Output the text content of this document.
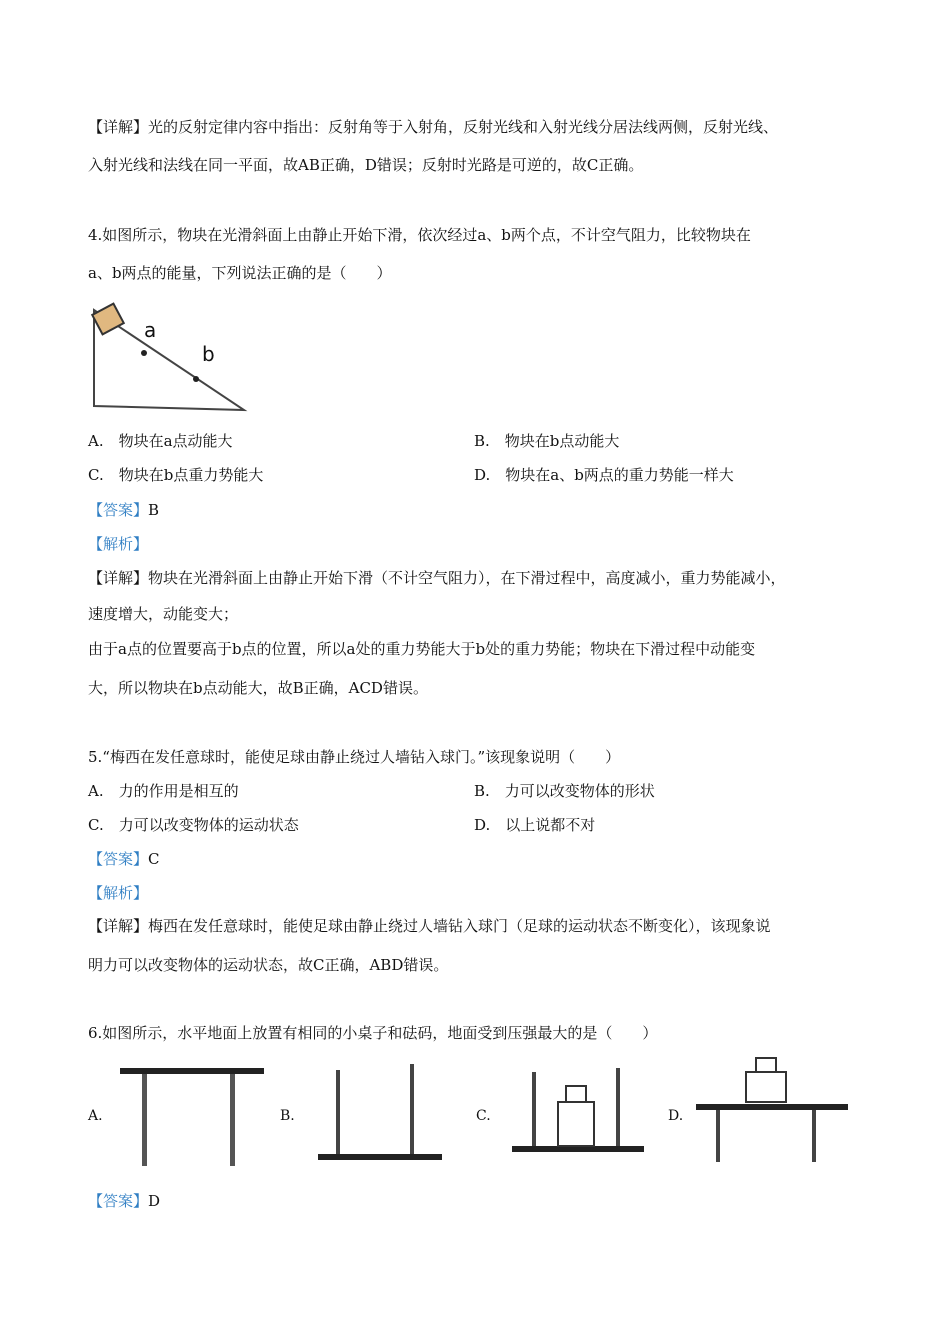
【详解】光的反射定律内容中指出：反射角等于入射角，反射光线和入射光线分居法线两侧，反射光线、
入射光线和法线在同一平面，故AB正确，D错误；反射时光路是可逆的，故C正确。
4.如图所示，物块在光滑斜面上由静止开始下滑，依次经过a、b两个点，不计空气阻力，比较物块在
a、b两点的能量，下列说法正确的是（　　）
a
b
A.　物块在a点动能大	B.　物块在b点动能大
C.　物块在b点重力势能大	D.　物块在a、b两点的重力势能一样大
【答案】B
【解析】
【详解】物块在光滑斜面上由静止开始下滑（不计空气阻力），在下滑过程中，高度减小，重力势能减小，
速度增大，动能变大；
由于a点的位置要高于b点的位置，所以a处的重力势能大于b处的重力势能；物块在下滑过程中动能变
大，所以物块在b点动能大，故B正确，ACD错误。
5.“梅西在发任意球时，能使足球由静止绕过人墙钻入球门。”该现象说明（　　）
A.　力的作用是相互的	B.　力可以改变物体的形状
C.　力可以改变物体的运动状态	D.　以上说都不对
【答案】C
【解析】
【详解】梅西在发任意球时，能使足球由静止绕过人墙钻入球门（足球的运动状态不断变化），该现象说
明力可以改变物体的运动状态，故C正确，ABD错误。
6.如图所示，水平地面上放置有相同的小桌子和砝码，地面受到压强最大的是（　　）
A.	B.	C.	D.
【答案】D
